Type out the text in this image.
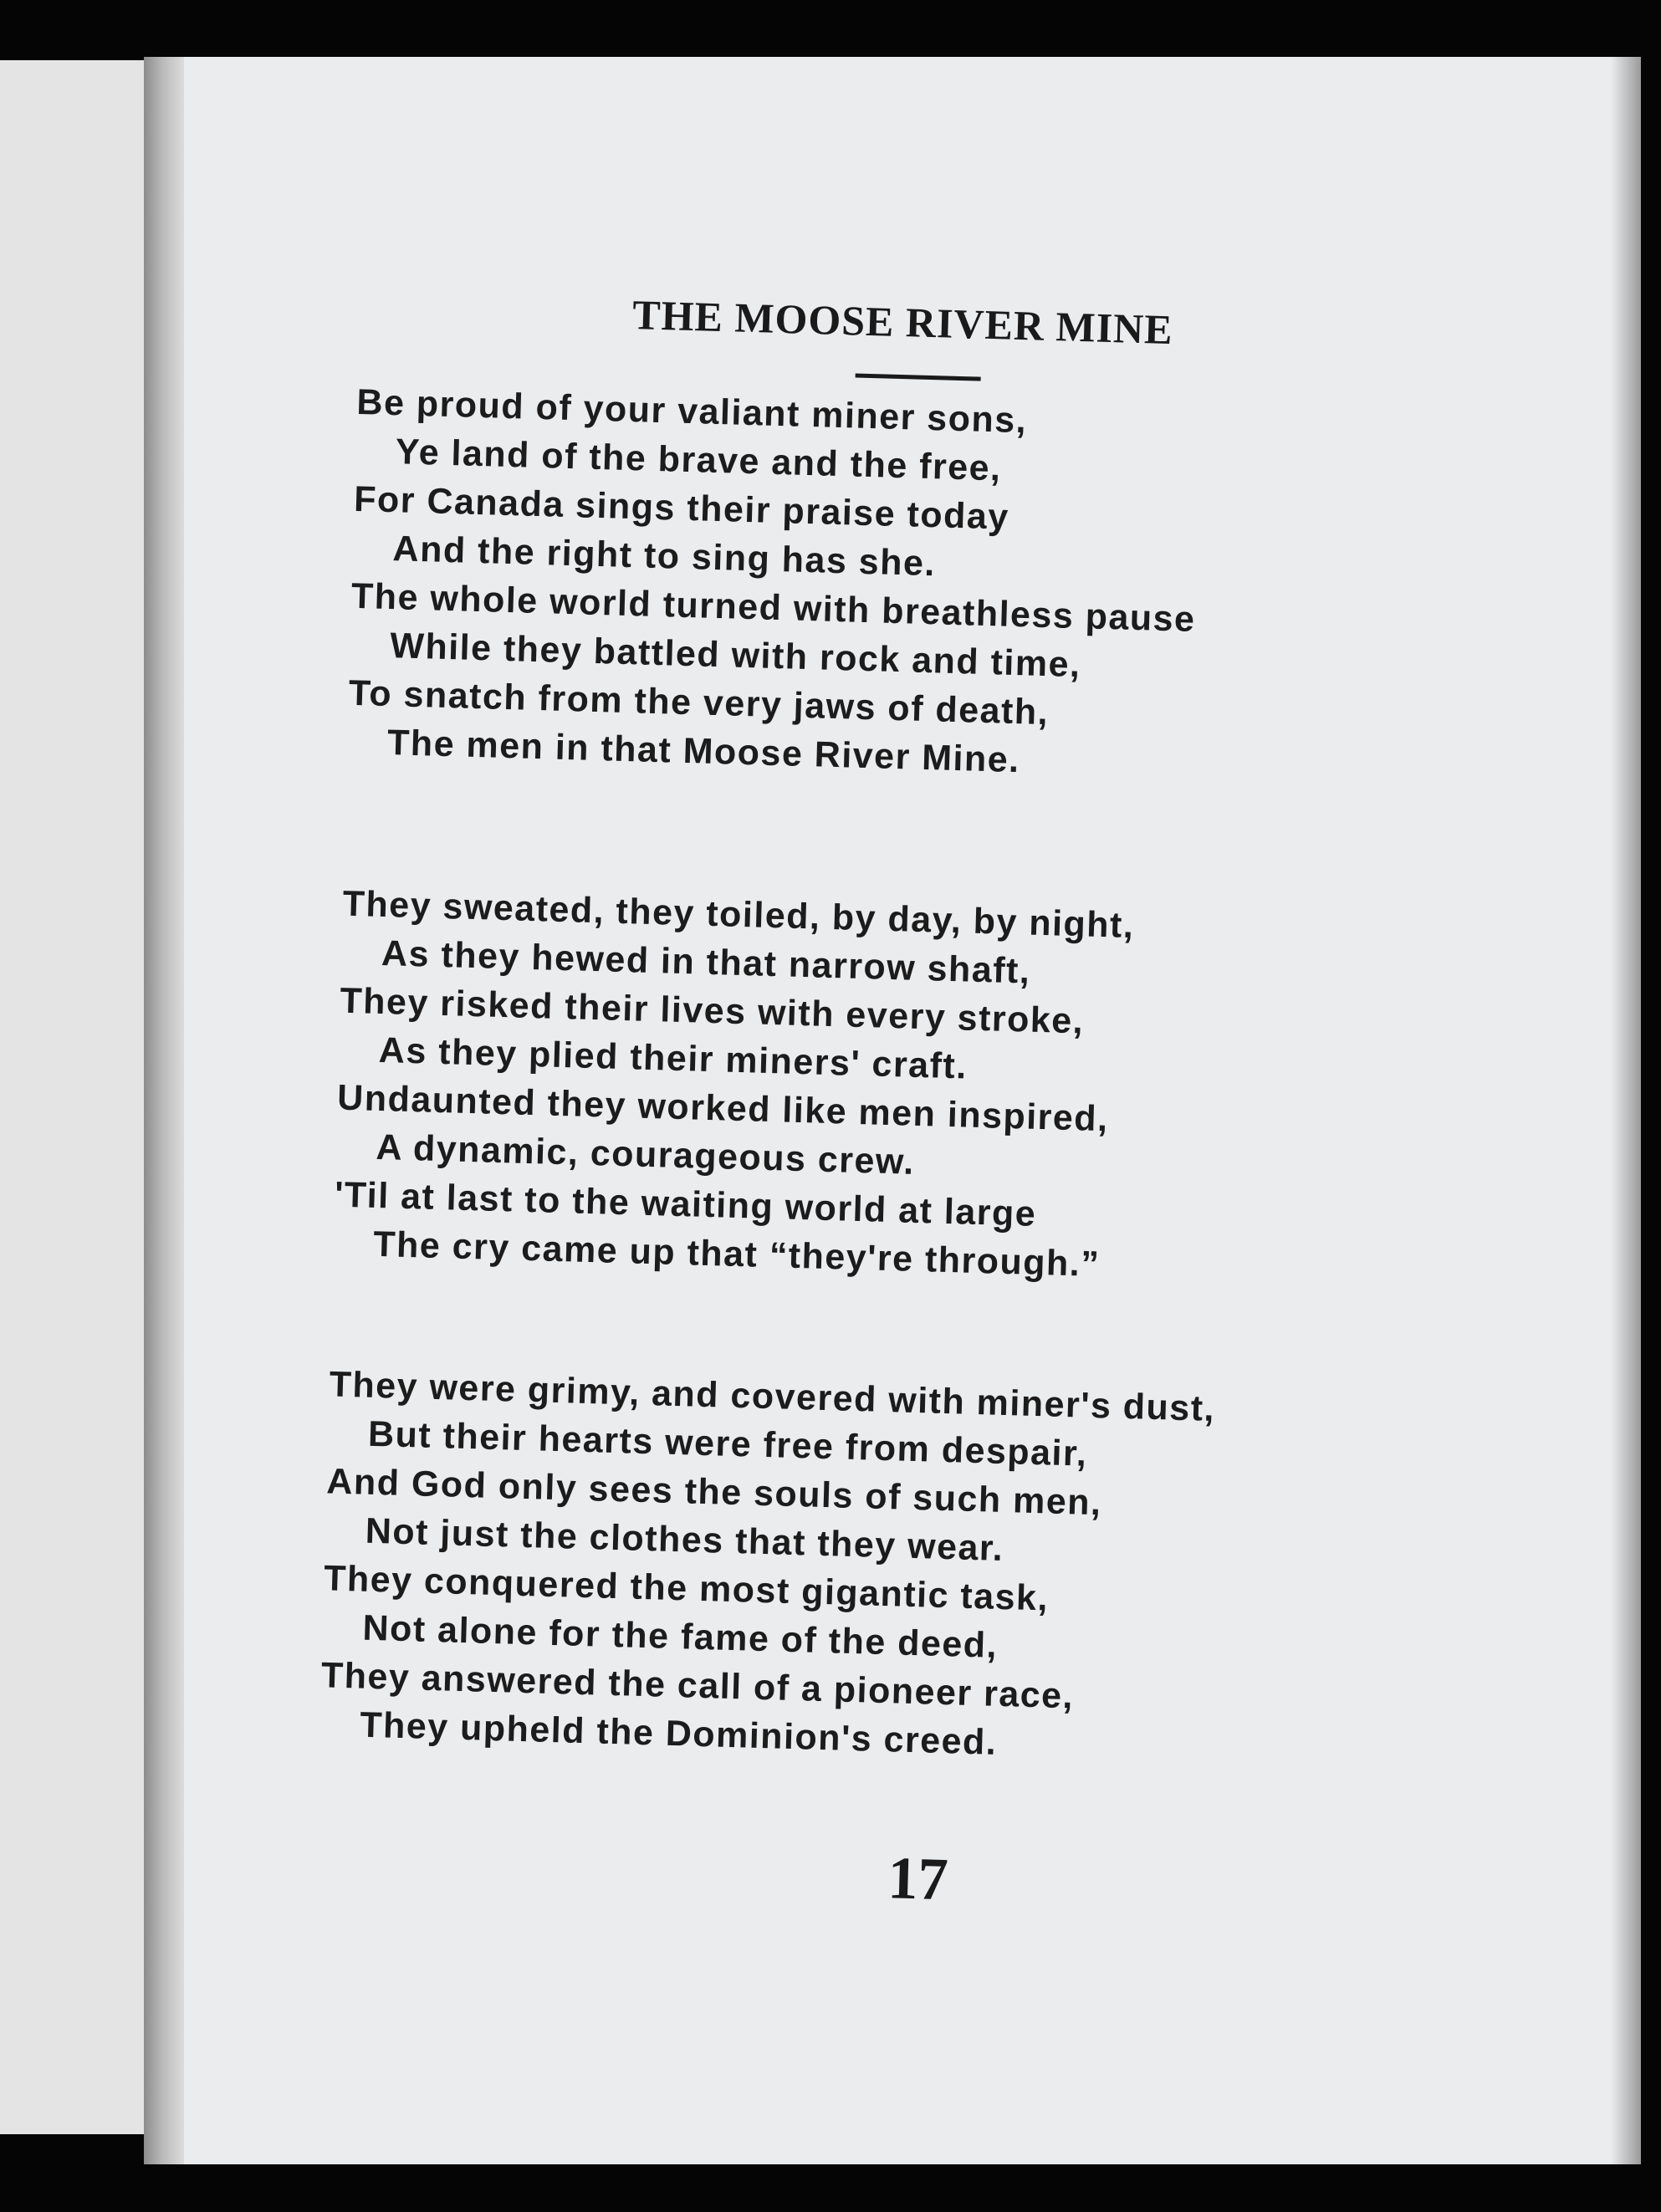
THE MOOSE RIVER MINE
Be proud of your valiant miner sons,
Ye land of the brave and the free,
For Canada sings their praise today
And the right to sing has she.
The whole world turned with breathless pause
While they battled with rock and time,
To snatch from the very jaws of death,
The men in that Moose River Mine.
They sweated, they toiled, by day, by night,
As they hewed in that narrow shaft,
They risked their lives with every stroke,
As they plied their miners' craft.
Undaunted they worked like men inspired,
A dynamic, courageous crew.
'Til at last to the waiting world at large
The cry came up that “they're through.”
They were grimy, and covered with miner's dust,
But their hearts were free from despair,
And God only sees the souls of such men,
Not just the clothes that they wear.
They conquered the most gigantic task,
Not alone for the fame of the deed,
They answered the call of a pioneer race,
They upheld the Dominion's creed.
17
